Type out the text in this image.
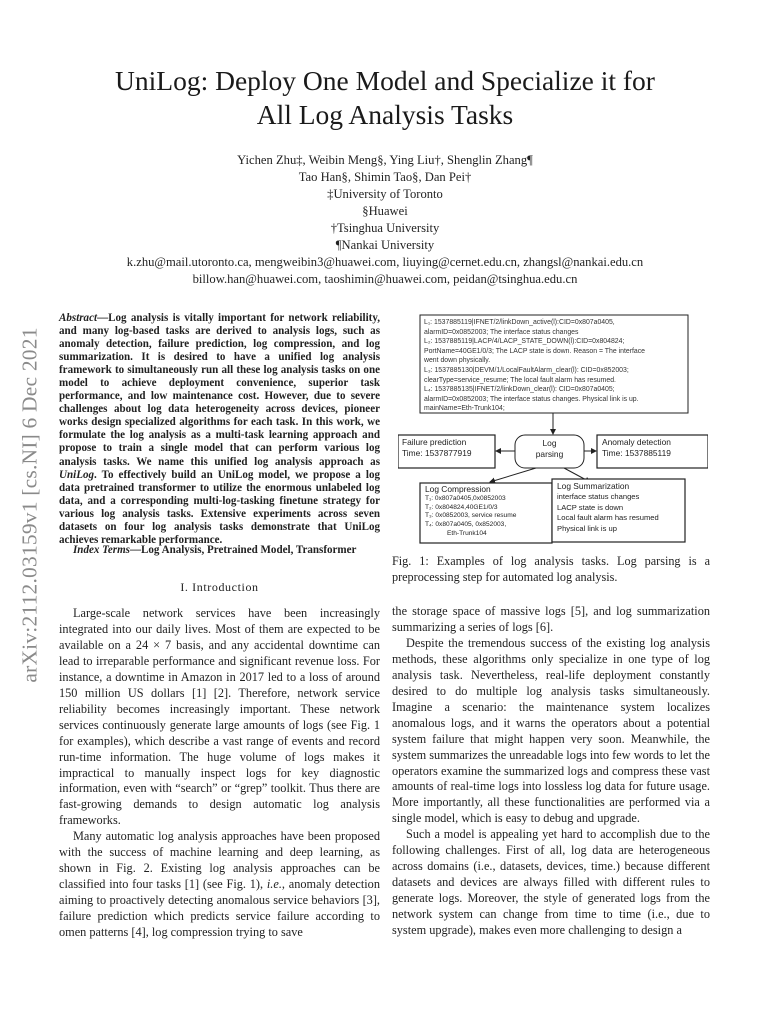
arXiv:2112.03159v1 [cs.NI] 6 Dec 2021
UniLog: Deploy One Model and Specialize it for
All Log Analysis Tasks
Yichen Zhu‡, Weibin Meng§, Ying Liu†, Shenglin Zhang¶
Tao Han§, Shimin Tao§, Dan Pei†
‡University of Toronto
§Huawei
†Tsinghua University
¶Nankai University
k.zhu@mail.utoronto.ca, mengweibin3@huawei.com, liuying@cernet.edu.cn, zhangsl@nankai.edu.cn
billow.han@huawei.com, taoshimin@huawei.com, peidan@tsinghua.edu.cn

Abstract—Log analysis is vitally important for network reliability, and many log-based tasks are derived to analysis logs, such as anomaly detection, failure prediction, log compression, and log summarization. It is desired to have a unified log analysis framework to simultaneously run all these log analysis tasks on one model to achieve deployment convenience, superior task performance, and low maintenance cost. However, due to severe challenges about log data heterogeneity across devices, pioneer works design specialized algorithms for each task. In this work, we formulate the log analysis as a multi-task learning approach and propose to train a single model that can perform various log analysis tasks. We name this unified log analysis approach as UniLog. To effectively build an UniLog model, we propose a log data pretrained transformer to utilize the enormous unlabeled log data, and a corresponding multi-log-tasking finetune strategy for various log analysis tasks. Extensive experiments across seven datasets on four log analysis tasks demonstrate that UniLog achieves remarkable performance.

Index Terms—Log Analysis, Pretrained Model, Transformer

I. Introduction

Large-scale network services have been increasingly integrated into our daily lives. Most of them are expected to be available on a 24 × 7 basis, and any accidental downtime can lead to irreparable performance and significant revenue loss. For instance, a downtime in Amazon in 2017 led to a loss of around 150 million US dollars [1] [2]. Therefore, network service reliability becomes increasingly important. These network services continuously generate large amounts of logs (see Fig. 1 for examples), which describe a vast range of events and record run-time information. The huge volume of logs makes it impractical to manually inspect logs for key diagnostic information, even with “search” or “grep” toolkit. Thus there are fast-growing demands to design automatic log analysis frameworks.

Many automatic log analysis approaches have been proposed with the success of machine learning and deep learning, as shown in Fig. 2. Existing log analysis approaches can be classified into four tasks [1] (see Fig. 1), i.e., anomaly detection aiming to proactively detecting anomalous service behaviors [3], failure prediction which predicts service failure according to omen patterns [4], log compression trying to save

L₁: 1537885119|IFNET/2/linkDown_active(l):CID=0x807a0405,
alarmID=0x0852003; The interface status changes
L₂: 1537885119|LACP/4/LACP_STATE_DOWN(l):CID=0x804824;
PortName=40GE1/0/3; The LACP state is down. Reason = The interface
went down physically.
L₃: 1537885130|DEVM/1/LocalFaultAlarm_clear(l): CID=0x852003;
clearType=service_resume; The local fault alarm has resumed.
L₄: 1537885135|IFNET/2/linkDown_clear(l): CID=0x807a0405;
alarmID=0x0852003; The interface status changes. Physical link is up.
mainName=Eth-Trunk104;
Failure prediction
Time: 1537877919
Log
parsing
Anomaly detection
Time: 1537885119
Log Compression
T₁: 0x807a0405,0x0852003
T₂: 0x804824,40GE1/0/3
T₃: 0x0852003, service resume
T₄: 0x807a0405, 0x852003,
Eth-Trunk104
Log Summarization
interface status changes
LACP state is down
Local fault alarm has resumed
Physical link is up
Fig. 1: Examples of log analysis tasks. Log parsing is a preprocessing step for automated log analysis.

the storage space of massive logs [5], and log summarization summarizing a series of logs [6].

Despite the tremendous success of the existing log analysis methods, these algorithms only specialize in one type of log analysis task. Nevertheless, real-life deployment constantly desired to do multiple log analysis tasks simultaneously. Imagine a scenario: the maintenance system localizes anomalous logs, and it warns the operators about a potential system failure that might happen very soon. Meanwhile, the system summarizes the unreadable logs into few words to let the operators examine the summarized logs and compress these vast amounts of real-time logs into lossless log data for future usage. More importantly, all these functionalities are performed via a single model, which is easy to debug and upgrade.

Such a model is appealing yet hard to accomplish due to the following challenges. First of all, log data are heterogeneous across domains (i.e., datasets, devices, time.) because different datasets and devices are always filled with different rules to generate logs. Moreover, the style of generated logs from the network system can change from time to time (i.e., due to system upgrade), makes even more challenging to design a
